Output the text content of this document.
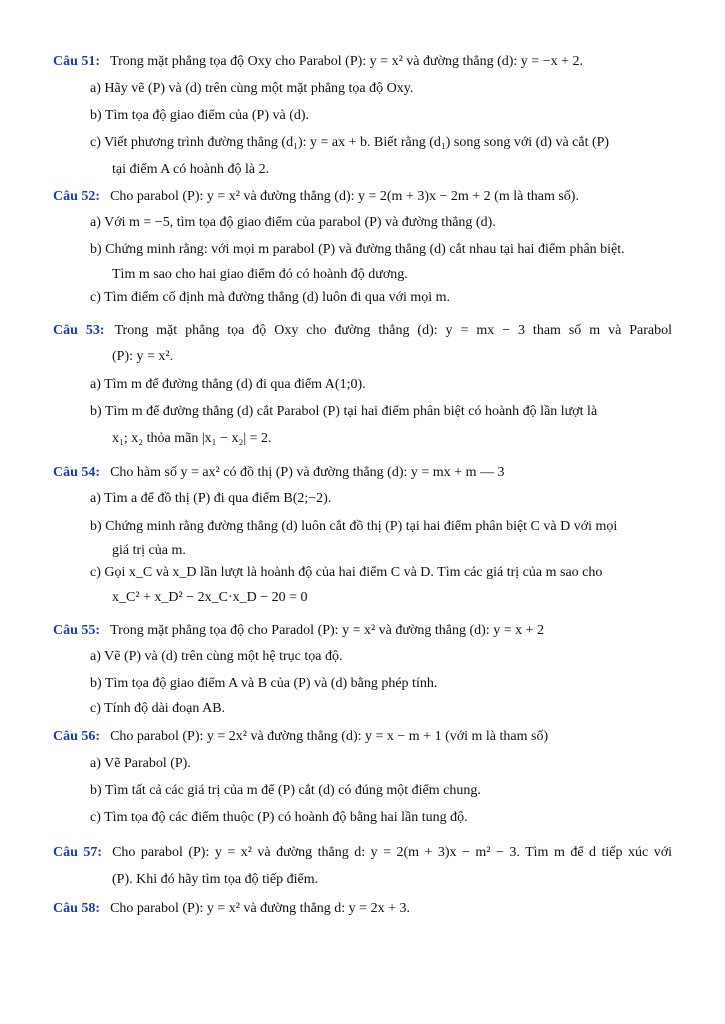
Câu 51: Trong mặt phẳng tọa độ Oxy cho Parabol (P): y = x² và đường thẳng (d): y = −x + 2.
a) Hãy vẽ (P) và (d) trên cùng một mặt phẳng tọa độ Oxy.
b) Tìm tọa độ giao điểm của (P) và (d).
c) Viết phương trình đường thẳng (d₁): y = ax + b. Biết rằng (d₁) song song với (d) và cắt (P)
tại điểm A có hoành độ là 2.
Câu 52: Cho parabol (P): y = x² và đường thẳng (d): y = 2(m + 3)x − 2m + 2 (m là tham số).
a) Với m = −5, tìm tọa độ giao điểm của parabol (P) và đường thẳng (d).
b) Chứng minh rằng: với mọi m parabol (P) và đường thẳng (d) cắt nhau tại hai điểm phân biệt.
Tìm m sao cho hai giao điểm đó có hoành độ dương.
c) Tìm điểm cố định mà đường thẳng (d) luôn đi qua với mọi m.
Câu 53: Trong mặt phẳng tọa độ Oxy cho đường thẳng (d): y = mx − 3 tham số m và Parabol
(P): y = x².
a) Tìm m để đường thẳng (d) đi qua điểm A(1;0).
b) Tìm m để đường thẳng (d) cắt Parabol (P) tại hai điểm phân biệt có hoành độ lần lượt là
x₁; x₂ thỏa mãn |x₁ − x₂| = 2.
Câu 54: Cho hàm số y = ax² có đồ thị (P) và đường thẳng (d): y = mx + m — 3
a) Tìm a để đồ thị (P) đi qua điểm B(2;−2).
b) Chứng minh rằng đường thẳng (d) luôn cắt đồ thị (P) tại hai điểm phân biệt C và D với mọi
giá trị của m.
c) Gọi x_C và x_D lần lượt là hoành độ của hai điểm C và D. Tìm các giá trị của m sao cho
x_C² + x_D² − 2x_C·x_D − 20 = 0
Câu 55: Trong mặt phẳng tọa độ cho Paradol (P): y = x² và đường thẳng (d): y = x + 2
a) Vẽ (P) và (d) trên cùng một hệ trục tọa độ.
b) Tìm tọa độ giao điểm A và B của (P) và (d) bằng phép tính.
c) Tính độ dài đoạn AB.
Câu 56: Cho parabol (P): y = 2x² và đường thẳng (d): y = x − m + 1 (với m là tham số)
a) Vẽ Parabol (P).
b) Tìm tất cả các giá trị của m để (P) cắt (d) có đúng một điểm chung.
c) Tìm tọa độ các điểm thuộc (P) có hoành độ bằng hai lần tung độ.
Câu 57: Cho parabol (P): y = x² và đường thẳng d: y = 2(m + 3)x − m² − 3. Tìm m để d tiếp xúc với
(P). Khi đó hãy tìm tọa độ tiếp điểm.
Câu 58: Cho parabol (P): y = x² và đường thẳng d: y = 2x + 3.
